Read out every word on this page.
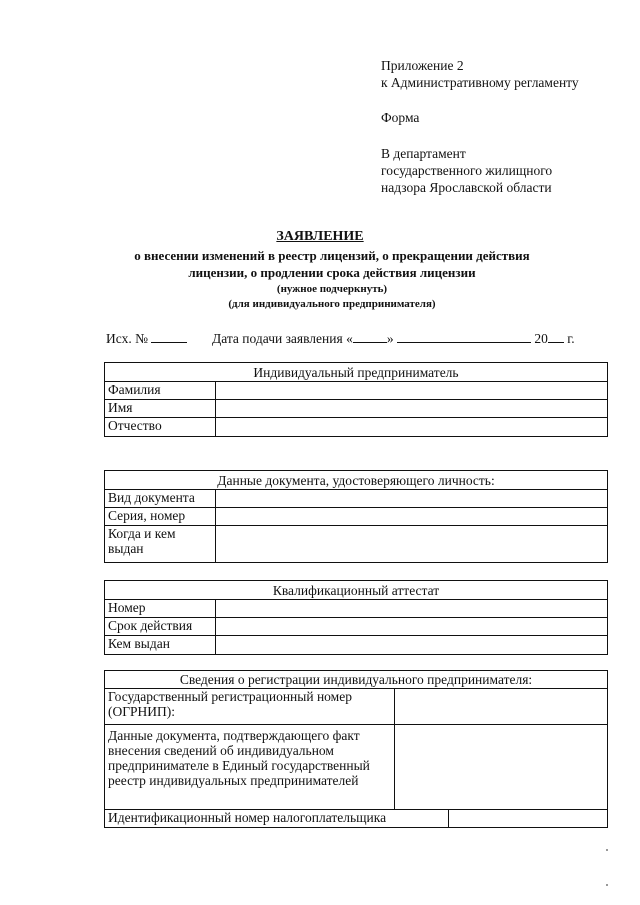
Приложение 2
к Административному регламенту
Форма
В департамент
государственного жилищного
надзора Ярославской области
ЗАЯВЛЕНИЕ
о внесении изменений в реестр лицензий, о прекращении действия
лицензии, о продлении срока действия лицензии
(нужное подчеркнуть)
(для индивидуального предпринимателя)
Исх. №	Дата подачи заявления «	»	20 г.
Индивидуальный предприниматель	
Фамилия	
Имя	
Отчество	
Данные документа, удостоверяющего личность:	
Вид документа	
Серия, номер	
Когда и кем выдан	
Квалификационный аттестат	
Номер	
Срок действия	
Кем выдан	
Сведения о регистрации индивидуального предпринимателя:		
Государственный регистрационный номер (ОГРНИП):		

Данные документа, подтверждающего факт внесения сведений об индивидуальном предпринимателе в Единый государственный реестр индивидуальных предпринимателей		
Идентификационный номер налогоплательщика		
